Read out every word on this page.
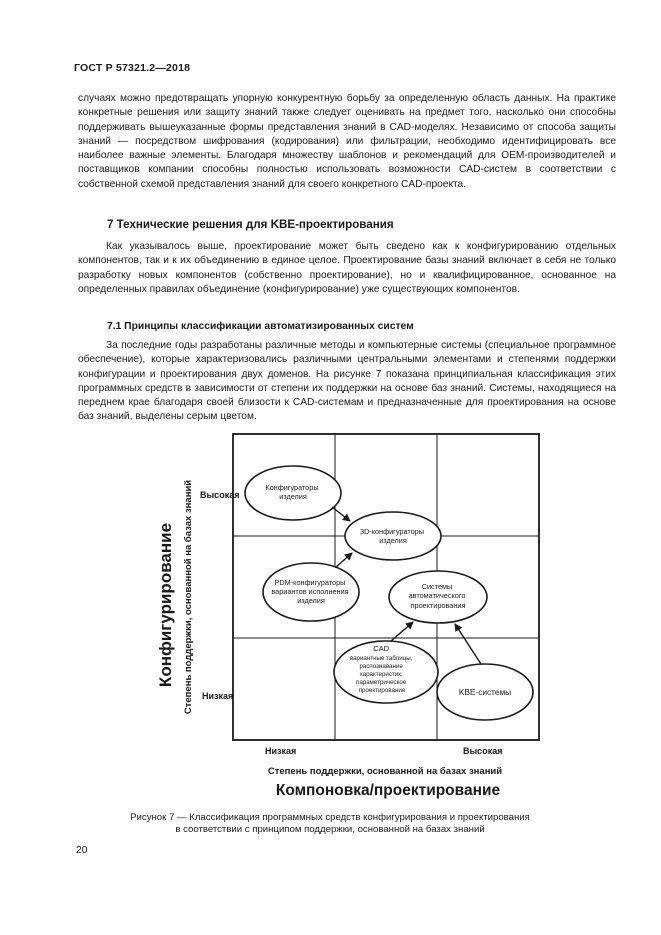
ГОСТ Р 57321.2—2018

случаях можно предотвращать упорную конкурентную борьбу за определенную область данных. На практике конкретные решения или защиту знаний также следует оценивать на предмет того, насколько они способны поддерживать вышеуказанные формы представления знаний в CAD-моделях. Независимо от способа защиты знаний — посредством шифрования (кодирования) или фильтрации, необходимо идентифицировать все наиболее важные элементы. Благодаря множеству шаблонов и рекомендаций для OEM-производителей и поставщиков компании способны полностью использовать возможности CAD-систем в соответствии с собственной схемой представления знаний для своего конкретного CAD-проекта.

7 Технические решения для KBE-проектирования

Как указывалось выше, проектирование может быть сведено как к конфигурированию отдельных компонентов, так и к их объединению в единое целое. Проектирование базы знаний включает в себя не только разработку новых компонентов (собственно проектирование), но и квалифицированное, основанное на определенных правилах объединение (конфигурирование) уже существующих компонентов.

7.1 Принципы классификации автоматизированных систем

За последние годы разработаны различные методы и компьютерные системы (специальное программное обеспечение), которые характеризовались различными центральными элементами и степенями поддержки конфигурации и проектирования двух доменов. На рисунке 7 показана принципиальная классификация этих программных средств в зависимости от степени их поддержки на основе баз знаний. Системы, находящиеся на переднем крае благодаря своей близости к CAD-системам и предназначенные для проектирования на основе баз знаний, выделены серым цветом.

Конфигурирование Степень поддержки, основанной на базах знаний Высокая
Низкая
Низкая	Высокая
Степень поддержки, основанной на базах знаний
Компоновка/проектирование
Конфигураторы изделия
3D-конфигураторы изделия
PDM-конфигураторы вариантов исполнения изделия
Системы автоматического проектирования
CAD вариантные таблицы, распознавание характеристик, параметрическое проектирование	KBE-системы
Рисунок 7 — Классификация программных средств конфигурирования и проектирования
в соответствии с принципом поддержки, основанной на базах знаний
20
